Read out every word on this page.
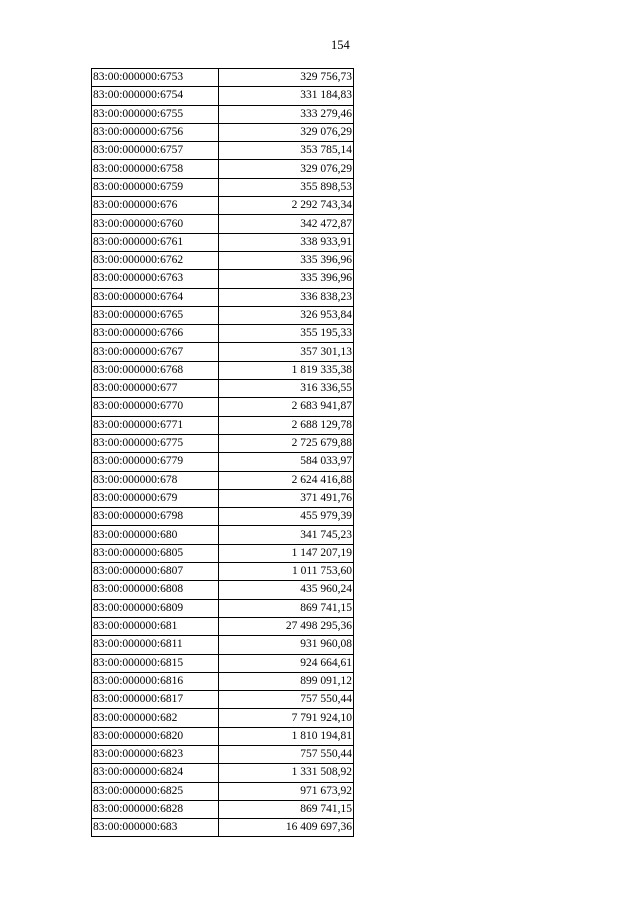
154
83:00:000000:6753	329 756,73
83:00:000000:6754	331 184,83
83:00:000000:6755	333 279,46
83:00:000000:6756	329 076,29
83:00:000000:6757	353 785,14
83:00:000000:6758	329 076,29
83:00:000000:6759	355 898,53
83:00:000000:676	2 292 743,34
83:00:000000:6760	342 472,87
83:00:000000:6761	338 933,91
83:00:000000:6762	335 396,96
83:00:000000:6763	335 396,96
83:00:000000:6764	336 838,23
83:00:000000:6765	326 953,84
83:00:000000:6766	355 195,33
83:00:000000:6767	357 301,13
83:00:000000:6768	1 819 335,38
83:00:000000:677	316 336,55
83:00:000000:6770	2 683 941,87
83:00:000000:6771	2 688 129,78
83:00:000000:6775	2 725 679,88
83:00:000000:6779	584 033,97
83:00:000000:678	2 624 416,88
83:00:000000:679	371 491,76
83:00:000000:6798	455 979,39
83:00:000000:680	341 745,23
83:00:000000:6805	1 147 207,19
83:00:000000:6807	1 011 753,60
83:00:000000:6808	435 960,24
83:00:000000:6809	869 741,15
83:00:000000:681	27 498 295,36
83:00:000000:6811	931 960,08
83:00:000000:6815	924 664,61
83:00:000000:6816	899 091,12
83:00:000000:6817	757 550,44
83:00:000000:682	7 791 924,10
83:00:000000:6820	1 810 194,81
83:00:000000:6823	757 550,44
83:00:000000:6824	1 331 508,92
83:00:000000:6825	971 673,92
83:00:000000:6828	869 741,15
83:00:000000:683	16 409 697,36
